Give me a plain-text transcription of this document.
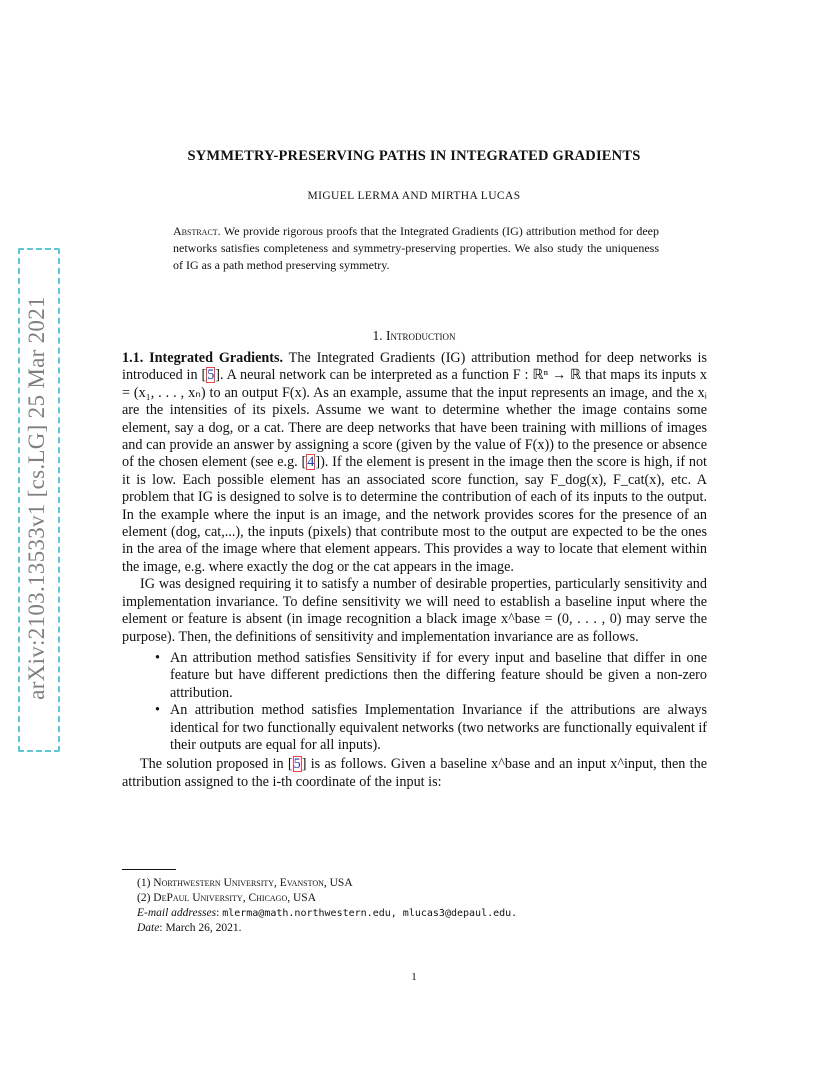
arXiv:2103.13533v1 [cs.LG] 25 Mar 2021
SYMMETRY-PRESERVING PATHS IN INTEGRATED GRADIENTS
MIGUEL LERMA AND MIRTHA LUCAS
Abstract. We provide rigorous proofs that the Integrated Gradients (IG) attribution method for deep networks satisfies completeness and symmetry-preserving properties. We also study the uniqueness of IG as a path method preserving symmetry.
1. Introduction

1.1. Integrated Gradients. The Integrated Gradients (IG) attribution method for deep networks is introduced in [5]. A neural network can be interpreted as a function F : ℝⁿ → ℝ that maps its inputs x = (x₁, . . . , xₙ) to an output F(x). As an example, assume that the input represents an image, and the xᵢ are the intensities of its pixels. Assume we want to determine whether the image contains some element, say a dog, or a cat. There are deep networks that have been training with millions of images and can provide an answer by assigning a score (given by the value of F(x)) to the presence or absence of the chosen element (see e.g. [4]). If the element is present in the image then the score is high, if not it is low. Each possible element has an associated score function, say F_dog(x), F_cat(x), etc. A problem that IG is designed to solve is to determine the contribution of each of its inputs to the output. In the example where the input is an image, and the network provides scores for the presence of an element (dog, cat,...), the inputs (pixels) that contribute most to the output are expected to be the ones in the area of the image where that element appears. This provides a way to locate that element within the image, e.g. where exactly the dog or the cat appears in the image.

IG was designed requiring it to satisfy a number of desirable properties, particularly sensitivity and implementation invariance. To define sensitivity we will need to establish a baseline input where the element or feature is absent (in image recognition a black image x^base = (0, . . . , 0) may serve the purpose). Then, the definitions of sensitivity and implementation invariance are as follows.

• An attribution method satisfies Sensitivity if for every input and baseline that differ in one feature but have different predictions then the differing feature should be given a non-zero attribution.
• An attribution method satisfies Implementation Invariance if the attributions are always identical for two functionally equivalent networks (two networks are functionally equivalent if their outputs are equal for all inputs).

The solution proposed in [5] is as follows. Given a baseline x^base and an input x^input, then the attribution assigned to the i-th coordinate of the input is:

(1) Northwestern University, Evanston, USA
(2) DePaul University, Chicago, USA
E-mail addresses: mlerma@math.northwestern.edu, mlucas3@depaul.edu.
Date: March 26, 2021.
1
